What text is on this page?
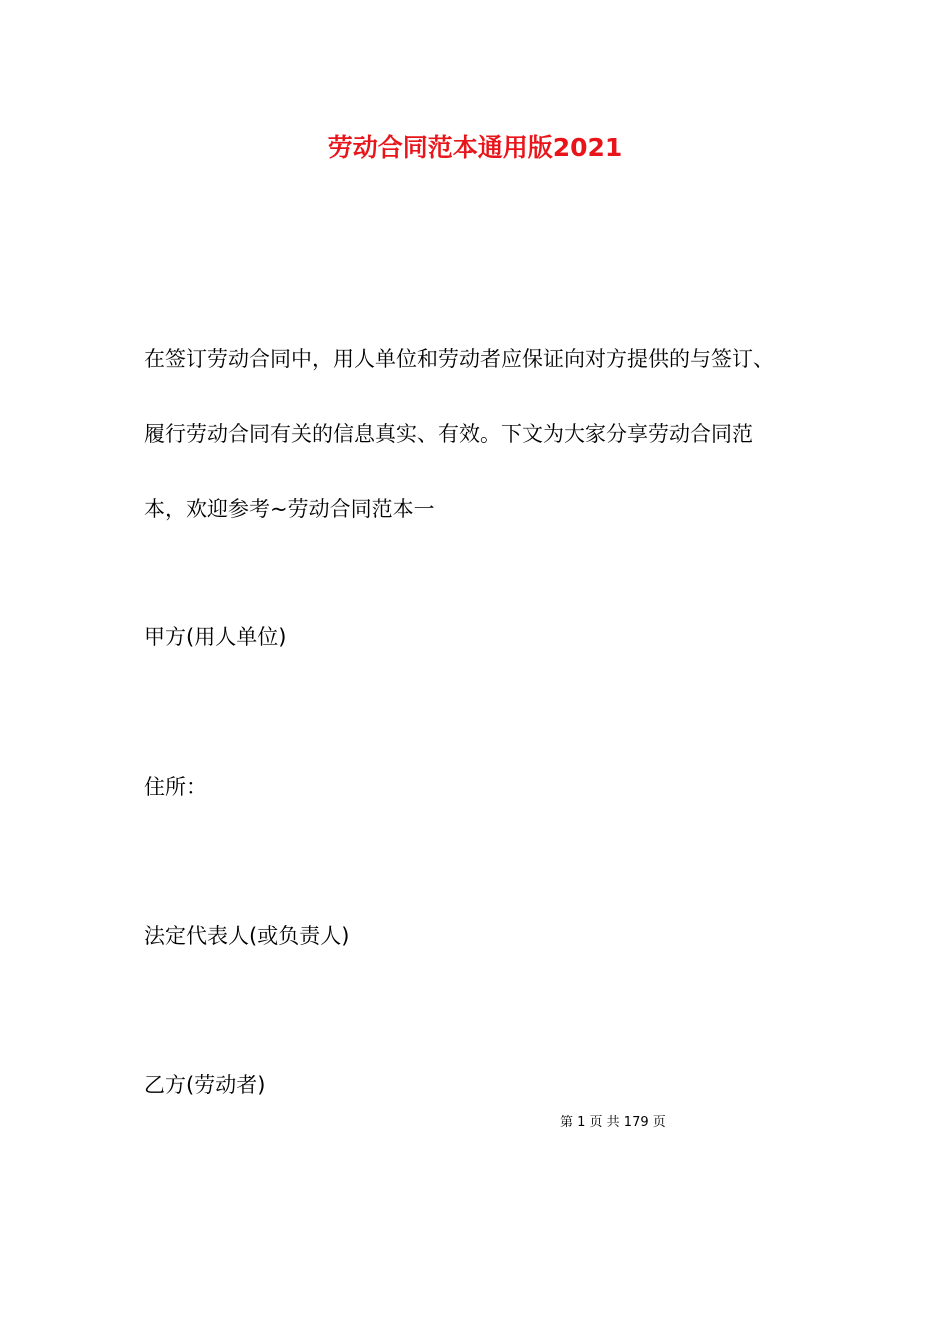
劳动合同范本通用版2021
在签订劳动合同中，用人单位和劳动者应保证向对方提供的与签订、
履行劳动合同有关的信息真实、有效。下文为大家分享劳动合同范
本，欢迎参考~劳动合同范本一

甲方(用人单位)

住所：

法定代表人(或负责人)

乙方(劳动者)

第 1 页 共 179 页
